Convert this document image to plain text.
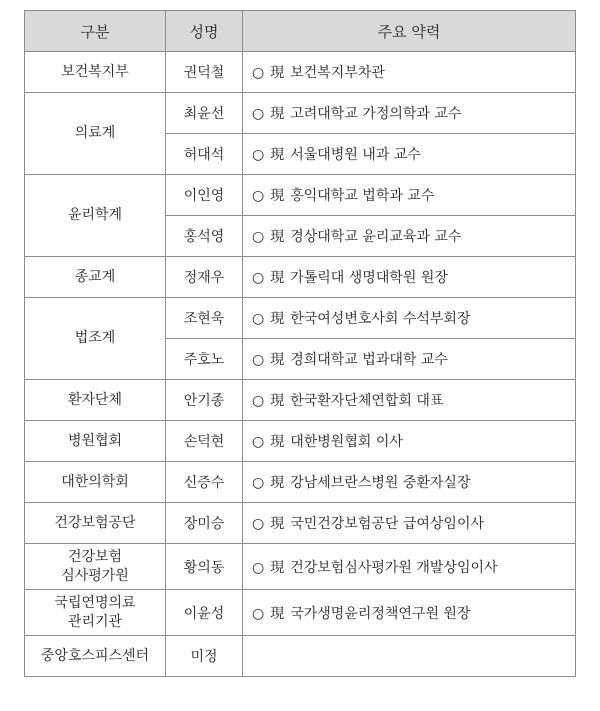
구분	성명	주요 약력
보건복지부	권덕철	○ 現 보건복지부차관
의료계	최윤선	○ 現 고려대학교 가정의학과 교수
	허대석	○ 現 서울대병원 내과 교수
윤리학계	이인영	○ 現 홍익대학교 법학과 교수
	홍석영	○ 現 경상대학교 윤리교육과 교수
종교계	정재우	○ 現 가톨릭대 생명대학원 원장
법조계	조현욱	○ 現 한국여성변호사회 수석부회장
	주호노	○ 現 경희대학교 법과대학 교수
환자단체	안기종	○ 現 한국환자단체연합회 대표
병원협회	손덕현	○ 現 대한병원협회 이사
대한의학회	신증수	○ 現 강남세브란스병원 중환자실장
건강보험공단	장미승	○ 現 국민건강보험공단 급여상임이사
건강보험
심사평가원	황의동	○ 現 건강보험심사평가원 개발상임이사
국립연명의료
관리기관	이윤성	○ 現 국가생명윤리정책연구원 원장
중앙호스피스센터	미정	
